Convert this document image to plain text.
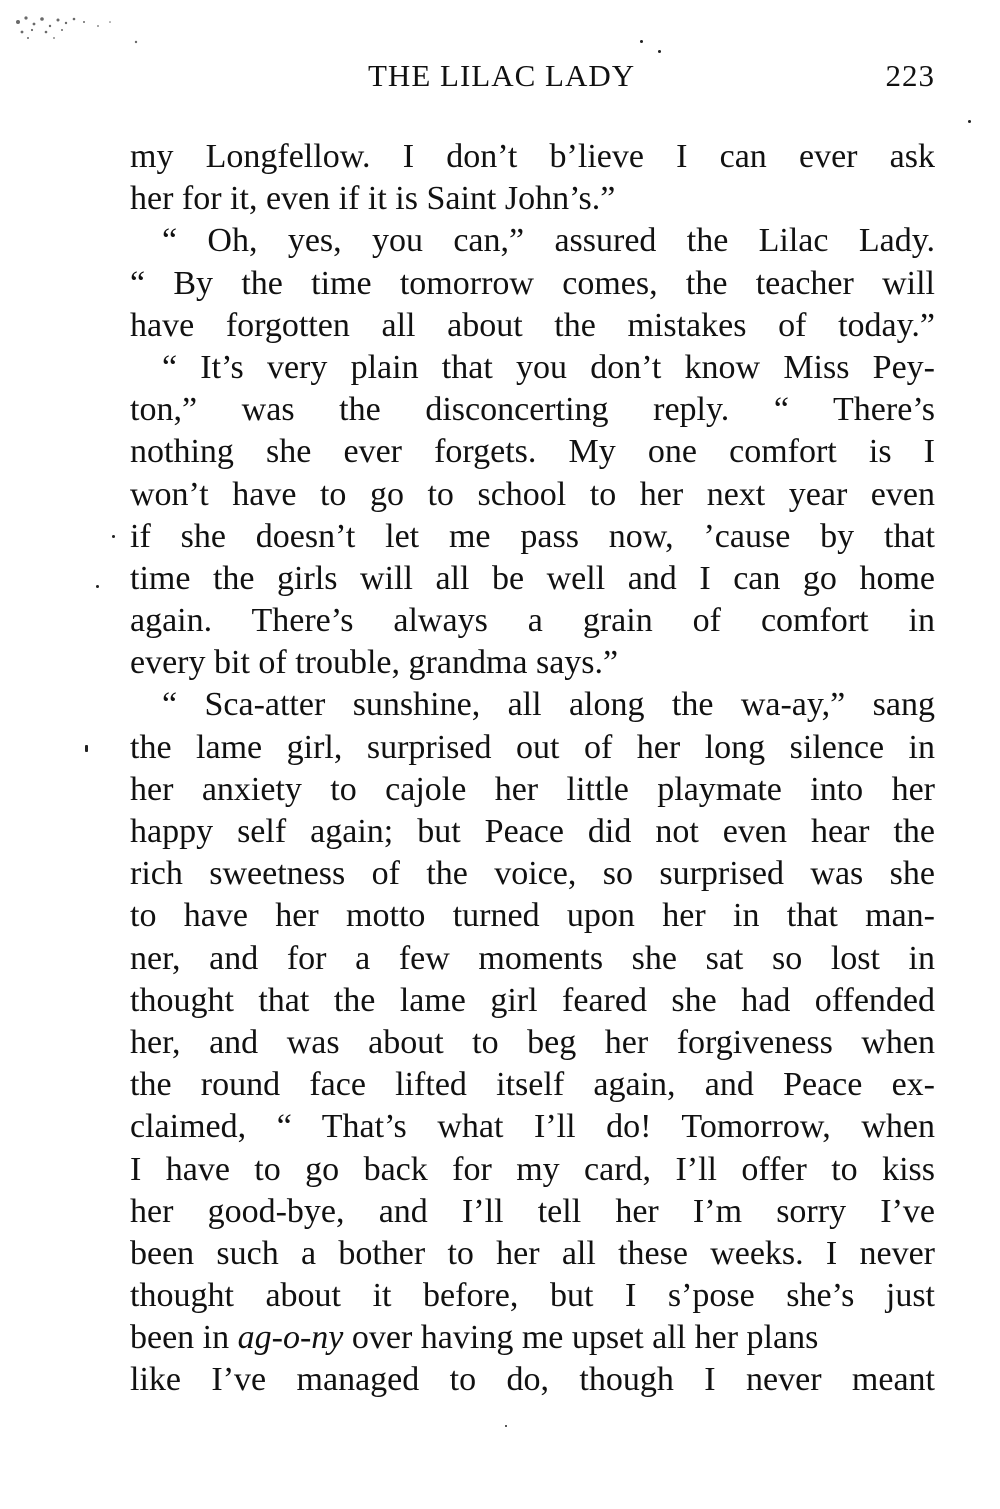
THE LILAC LADY	223
my Longfellow. I don’t b’lieve I can ever ask
her for it, even if it is Saint John’s.”
“ Oh, yes, you can,” assured the Lilac Lady.
“ By the time tomorrow comes, the teacher will
have forgotten all about the mistakes of today.”
“ It’s very plain that you don’t know Miss Pey-
ton,” was the disconcerting reply. “ There’s
nothing she ever forgets. My one comfort is I
won’t have to go to school to her next year even
if she doesn’t let me pass now, ’cause by that
time the girls will all be well and I can go home
again. There’s always a grain of comfort in
every bit of trouble, grandma says.”
“ Sca-atter sunshine, all along the wa-ay,” sang
the lame girl, surprised out of her long silence in
her anxiety to cajole her little playmate into her
happy self again; but Peace did not even hear the
rich sweetness of the voice, so surprised was she
to have her motto turned upon her in that man-
ner, and for a few moments she sat so lost in
thought that the lame girl feared she had offended
her, and was about to beg her forgiveness when
the round face lifted itself again, and Peace ex-
claimed, “ That’s what I’ll do! Tomorrow, when
I have to go back for my card, I’ll offer to kiss
her good-bye, and I’ll tell her I’m sorry I’ve
been such a bother to her all these weeks. I never
thought about it before, but I s’pose she’s just
been in ag-o-ny over having me upset all her plans
like I’ve managed to do, though I never meant
